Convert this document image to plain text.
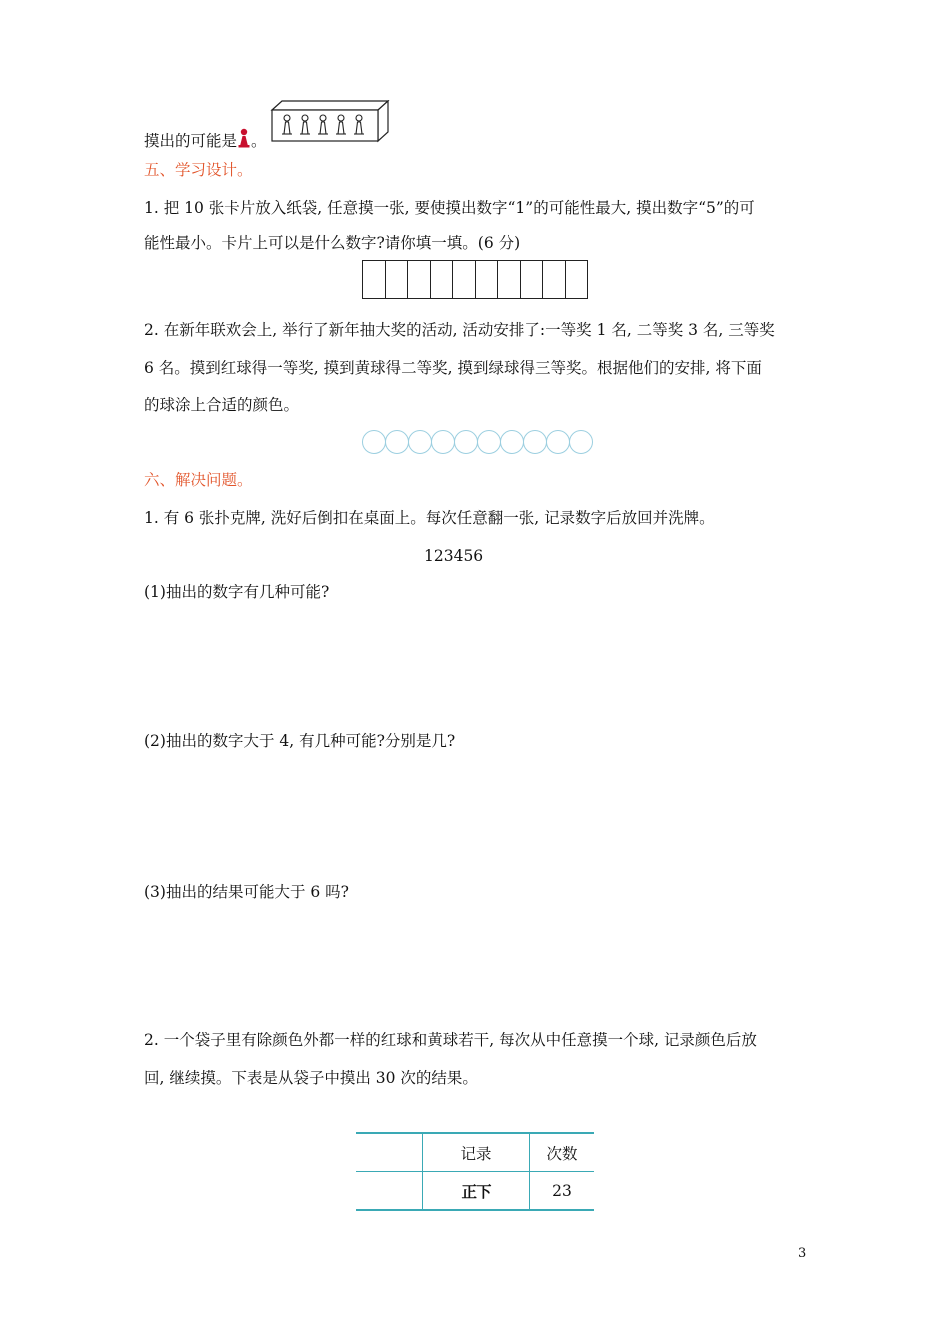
摸出的可能是 。
五、学习设计。
1. 把 10 张卡片放入纸袋, 任意摸一张, 要使摸出数字“1”的可能性最大, 摸出数字“5”的可
能性最小。卡片上可以是什么数字?请你填一填。(6 分)
2. 在新年联欢会上, 举行了新年抽大奖的活动, 活动安排了:一等奖 1 名, 二等奖 3 名, 三等奖
6 名。摸到红球得一等奖, 摸到黄球得二等奖, 摸到绿球得三等奖。根据他们的安排, 将下面
的球涂上合适的颜色。
六、解决问题。
1. 有 6 张扑克牌, 洗好后倒扣在桌面上。每次任意翻一张, 记录数字后放回并洗牌。
123456
(1)抽出的数字有几种可能?
(2)抽出的数字大于 4, 有几种可能?分别是几?
(3)抽出的结果可能大于 6 吗?
2. 一个袋子里有除颜色外都一样的红球和黄球若干, 每次从中任意摸一个球, 记录颜色后放
回, 继续摸。下表是从袋子中摸出 30 次的结果。
	记录	次数
	正下	23
3
